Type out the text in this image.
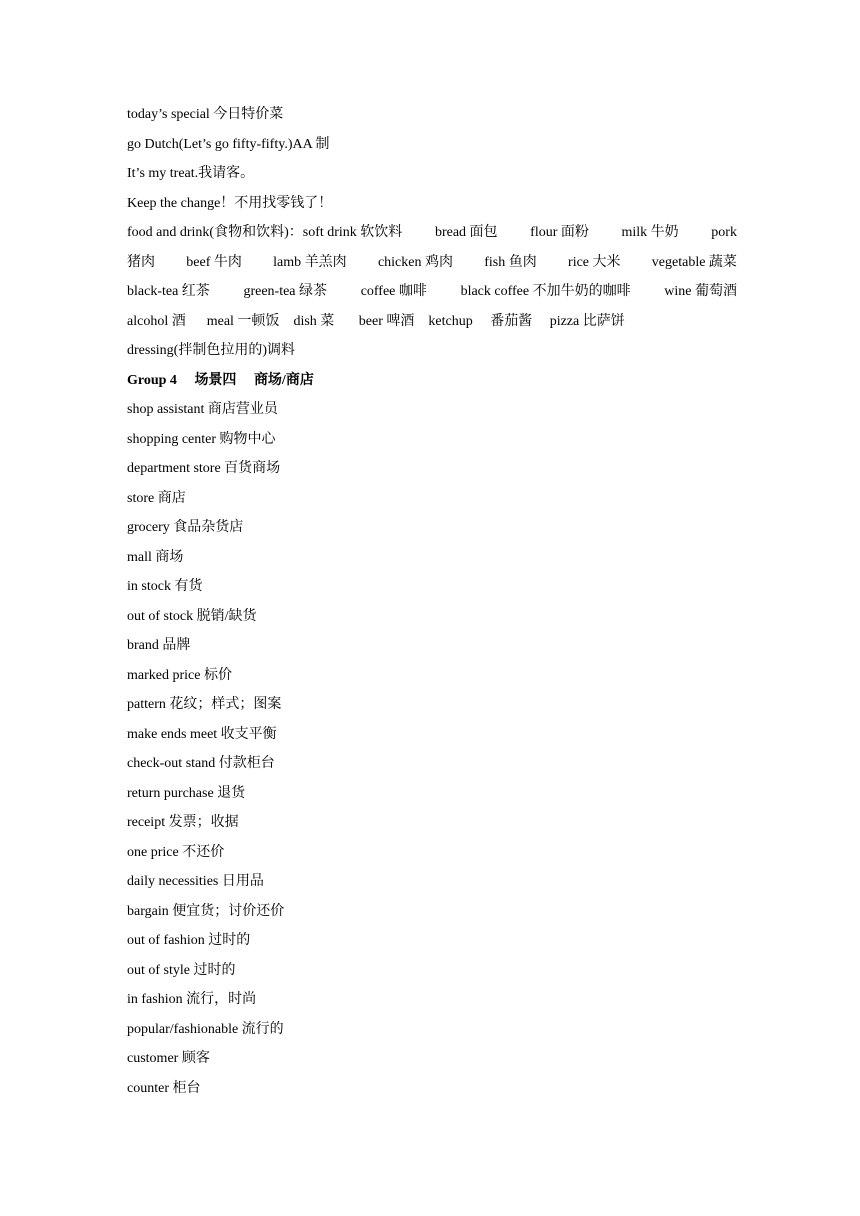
today’s special 今日特价菜
go Dutch(Let’s go fifty-fifty.)AA 制
It’s my treat.我请客。
Keep the change！不用找零钱了！
food and drink(食物和饮料)：soft drink 软饮料 bread 面包 flour 面粉 milk 牛奶 pork
猪肉 beef 牛肉 lamb 羊羔肉 chicken 鸡肉 fish 鱼肉 rice 大米 vegetable 蔬菜
black-tea 红茶 green-tea 绿茶 coffee 咖啡 black coffee 不加牛奶的咖啡 wine 葡萄酒
alcohol 酒 meal 一顿饭 dish 菜 beer 啤酒 ketchup 番茄酱 pizza 比萨饼
dressing(拌制色拉用的)调料
Group 4 场景四 商场/商店
shop assistant 商店营业员
shopping center 购物中心
department store 百货商场
store 商店
grocery 食品杂货店
mall 商场
in stock 有货
out of stock 脱销/缺货
brand 品牌
marked price 标价
pattern 花纹；样式；图案
make ends meet 收支平衡
check-out stand 付款柜台
return purchase 退货
receipt 发票；收据
one price 不还价
daily necessities 日用品
bargain 便宜货；讨价还价
out of fashion 过时的
out of style 过时的
in fashion 流行，时尚
popular/fashionable 流行的
customer 顾客
counter 柜台
